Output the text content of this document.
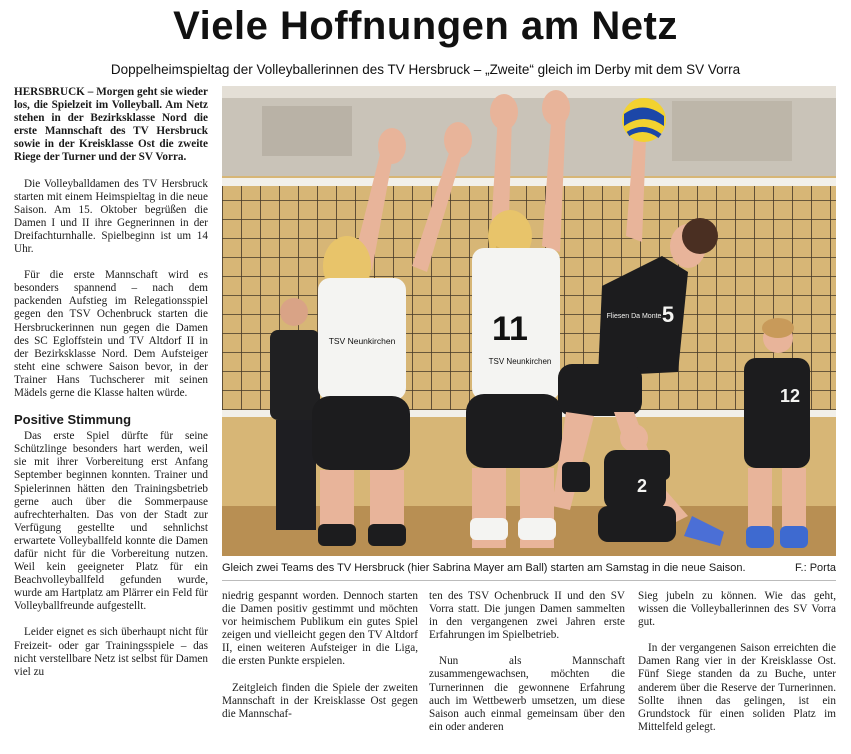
Viele Hoffnungen am Netz
Doppelheimspieltag der Volleyballerinnen des TV Hersbruck – „Zweite“ gleich im Derby mit dem SV Vorra

HERSBRUCK – Morgen geht sie wieder los, die Spielzeit im Volleyball. Am Netz stehen in der Bezirksklasse Nord die erste Mannschaft des TV Hersbruck sowie in der Kreisklasse Ost die zweite Riege der Turner und der SV Vorra.

Die Volleyballdamen des TV Hersbruck starten mit einem Heimspieltag in die neue Saison. Am 15. Oktober begrüßen die Damen I und II ihre Gegnerinnen in der Dreifachturnhalle. Spielbeginn ist um 14 Uhr.

Für die erste Mannschaft wird es besonders spannend – nach dem packenden Aufstieg im Relegationsspiel gegen den TSV Ochenbruck starten die Hersbruckerinnen nun gegen die Damen des SC Egloffstein und TV Altdorf II in der Bezirksklasse Nord. Dem Aufsteiger steht eine schwere Saison bevor, in der Trainer Hans Tuchscherer mit seinen Mädels gerne die Klasse halten würde.

Positive Stimmung

Das erste Spiel dürfte für seine Schützlinge besonders hart werden, weil sie mit ihrer Vorbereitung erst Anfang September beginnen konnten. Trainer und Spielerinnen hätten den Trainingsbetrieb gerne auch über die Sommerpause aufrechterhalten. Das von der Stadt zur Verfügung gestellte und sehnlichst erwartete Volleyballfeld konnte die Damen dafür nicht für die Vorbereitung nutzen. Weil kein geeigneter Platz für ein Beachvolleyballfeld gefunden wurde, wurde am Hartplatz am Plärrer ein Feld für Volleyballfreunde aufgestellt.

Leider eignet es sich überhaupt nicht für Freizeit- oder gar Trainingsspiele – das nicht verstellbare Netz ist selbst für Damen viel zu

TSV Neunkirchen	11
TSV Neunkirchen
5
Fliesen Da Monte
2
12
Gleich zwei Teams des TV Hersbruck (hier Sabrina Mayer am Ball) starten am Samstag in die neue Saison.	F.: Porta

niedrig gespannt worden. Dennoch starten die Damen positiv gestimmt und möchten vor heimischem Publikum ein gutes Spiel zeigen und vielleicht gegen den TV Altdorf II, einen weiteren Aufsteiger in die Liga, die ersten Punkte erspielen.

Zeitgleich finden die Spiele der zweiten Mannschaft in der Kreisklasse Ost gegen die Mannschaf-

ten des TSV Ochenbruck II und den SV Vorra statt. Die jungen Damen sammelten in den vergangenen zwei Jahren erste Erfahrungen im Spielbetrieb.

Nun als Mannschaft zusammengewachsen, möchten die Turnerinnen die gewonnene Erfahrung auch im Wettbewerb umsetzen, um diese Saison auch einmal gemeinsam über den ein oder anderen

Sieg jubeln zu können. Wie das geht, wissen die Volleyballerinnen des SV Vorra gut.

In der vergangenen Saison erreichten die Damen Rang vier in der Kreisklasse Ost. Fünf Siege standen da zu Buche, unter anderem über die Reserve der Turnerinnen. Sollte ihnen das gelingen, ist ein Grundstock für einen soliden Platz im Mittelfeld gelegt.
